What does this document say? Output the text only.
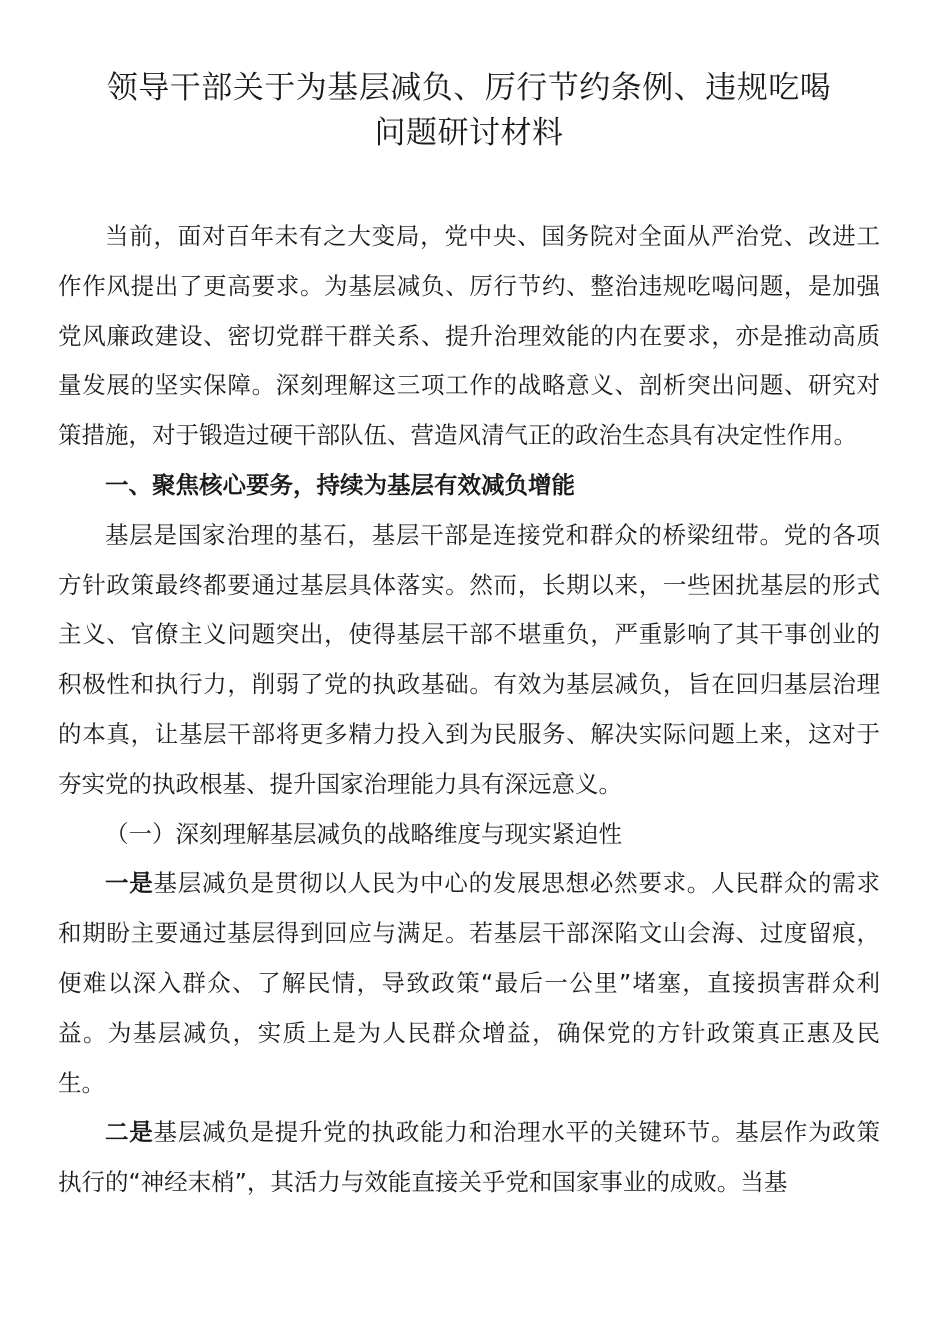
领导干部关于为基层减负、厉行节约条例、违规吃喝
问题研讨材料

当前，面对百年未有之大变局，党中央、国务院对全面从严治党、改进工作作风提出了更高要求。为基层减负、厉行节约、整治违规吃喝问题，是加强党风廉政建设、密切党群干群关系、提升治理效能的内在要求，亦是推动高质量发展的坚实保障。深刻理解这三项工作的战略意义、剖析突出问题、研究对策措施，对于锻造过硬干部队伍、营造风清气正的政治生态具有决定性作用。

一、聚焦核心要务，持续为基层有效减负增能

基层是国家治理的基石，基层干部是连接党和群众的桥梁纽带。党的各项方针政策最终都要通过基层具体落实。然而，长期以来，一些困扰基层的形式主义、官僚主义问题突出，使得基层干部不堪重负，严重影响了其干事创业的积极性和执行力，削弱了党的执政基础。有效为基层减负，旨在回归基层治理的本真，让基层干部将更多精力投入到为民服务、解决实际问题上来，这对于夯实党的执政根基、提升国家治理能力具有深远意义。

（一）深刻理解基层减负的战略维度与现实紧迫性

一是基层减负是贯彻以人民为中心的发展思想必然要求。人民群众的需求和期盼主要通过基层得到回应与满足。若基层干部深陷文山会海、过度留痕，便难以深入群众、了解民情，导致政策“最后一公里”堵塞，直接损害群众利益。为基层减负，实质上是为人民群众增益，确保党的方针政策真正惠及民生。

二是基层减负是提升党的执政能力和治理水平的关键环节。基层作为政策执行的“神经末梢”，其活力与效能直接关乎党和国家事业的成败。当基
